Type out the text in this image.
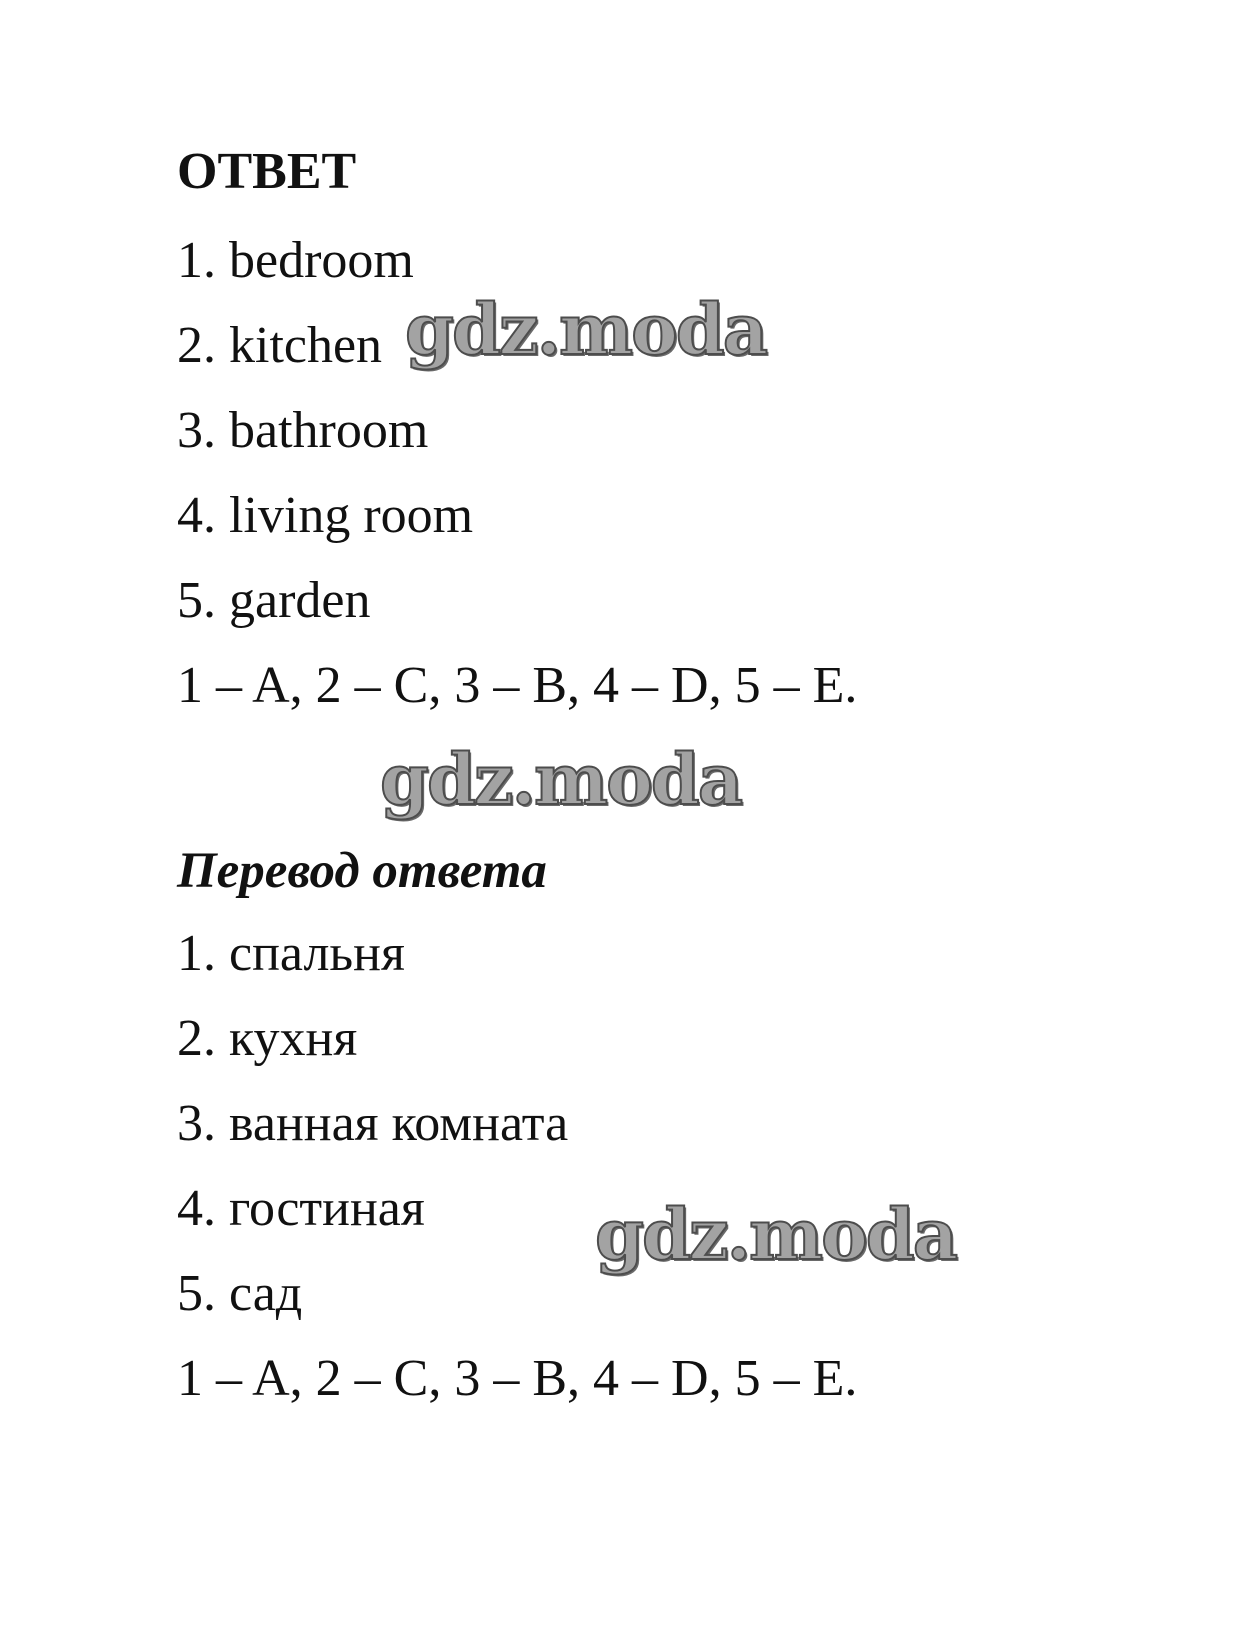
ОТВЕТ
1. bedroom
2. kitchen
3. bathroom
4. living room
5. garden
1 – A, 2 – C, 3 – B, 4 – D, 5 – E.
Перевод ответа
1. спальня
2. кухня
3. ванная комната
4. гостиная
5. сад
1 – A, 2 – C, 3 – B, 4 – D, 5 – E.
gdz.moda
gdz.moda
gdz.moda
